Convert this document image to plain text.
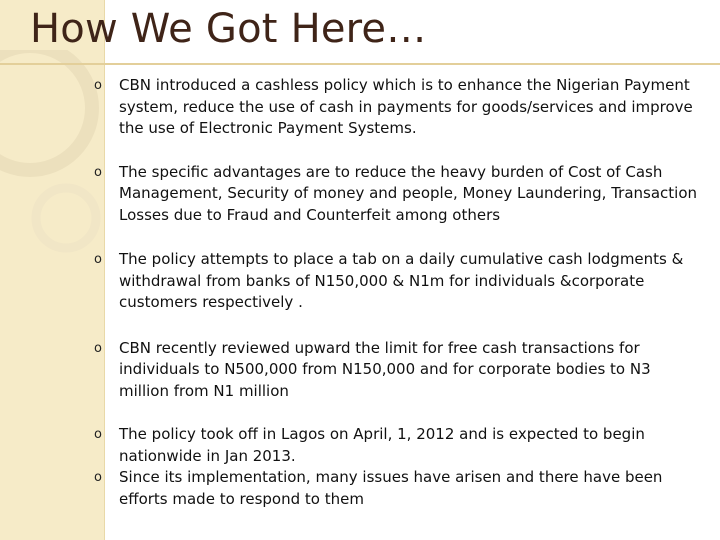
How We Got Here…
o CBN introduced a cashless policy which is to enhance the Nigerian Payment system, reduce the use of cash in payments for goods/services and improve the use of Electronic Payment Systems.
o The specific advantages are to reduce the heavy burden of Cost of Cash Management, Security of money and people, Money Laundering, Transaction Losses due to Fraud and Counterfeit among others
o The policy attempts to place a tab on a daily cumulative cash lodgments & withdrawal from banks of N150,000 & N1m for individuals &corporate customers respectively .
o CBN recently reviewed upward the limit for free cash transactions for individuals to N500,000 from N150,000 and for corporate bodies to N3 million from N1 million
o The policy took off in Lagos on April, 1, 2012 and is expected to begin nationwide in Jan 2013.
o Since its implementation, many issues have arisen and there have been efforts made to respond to them
